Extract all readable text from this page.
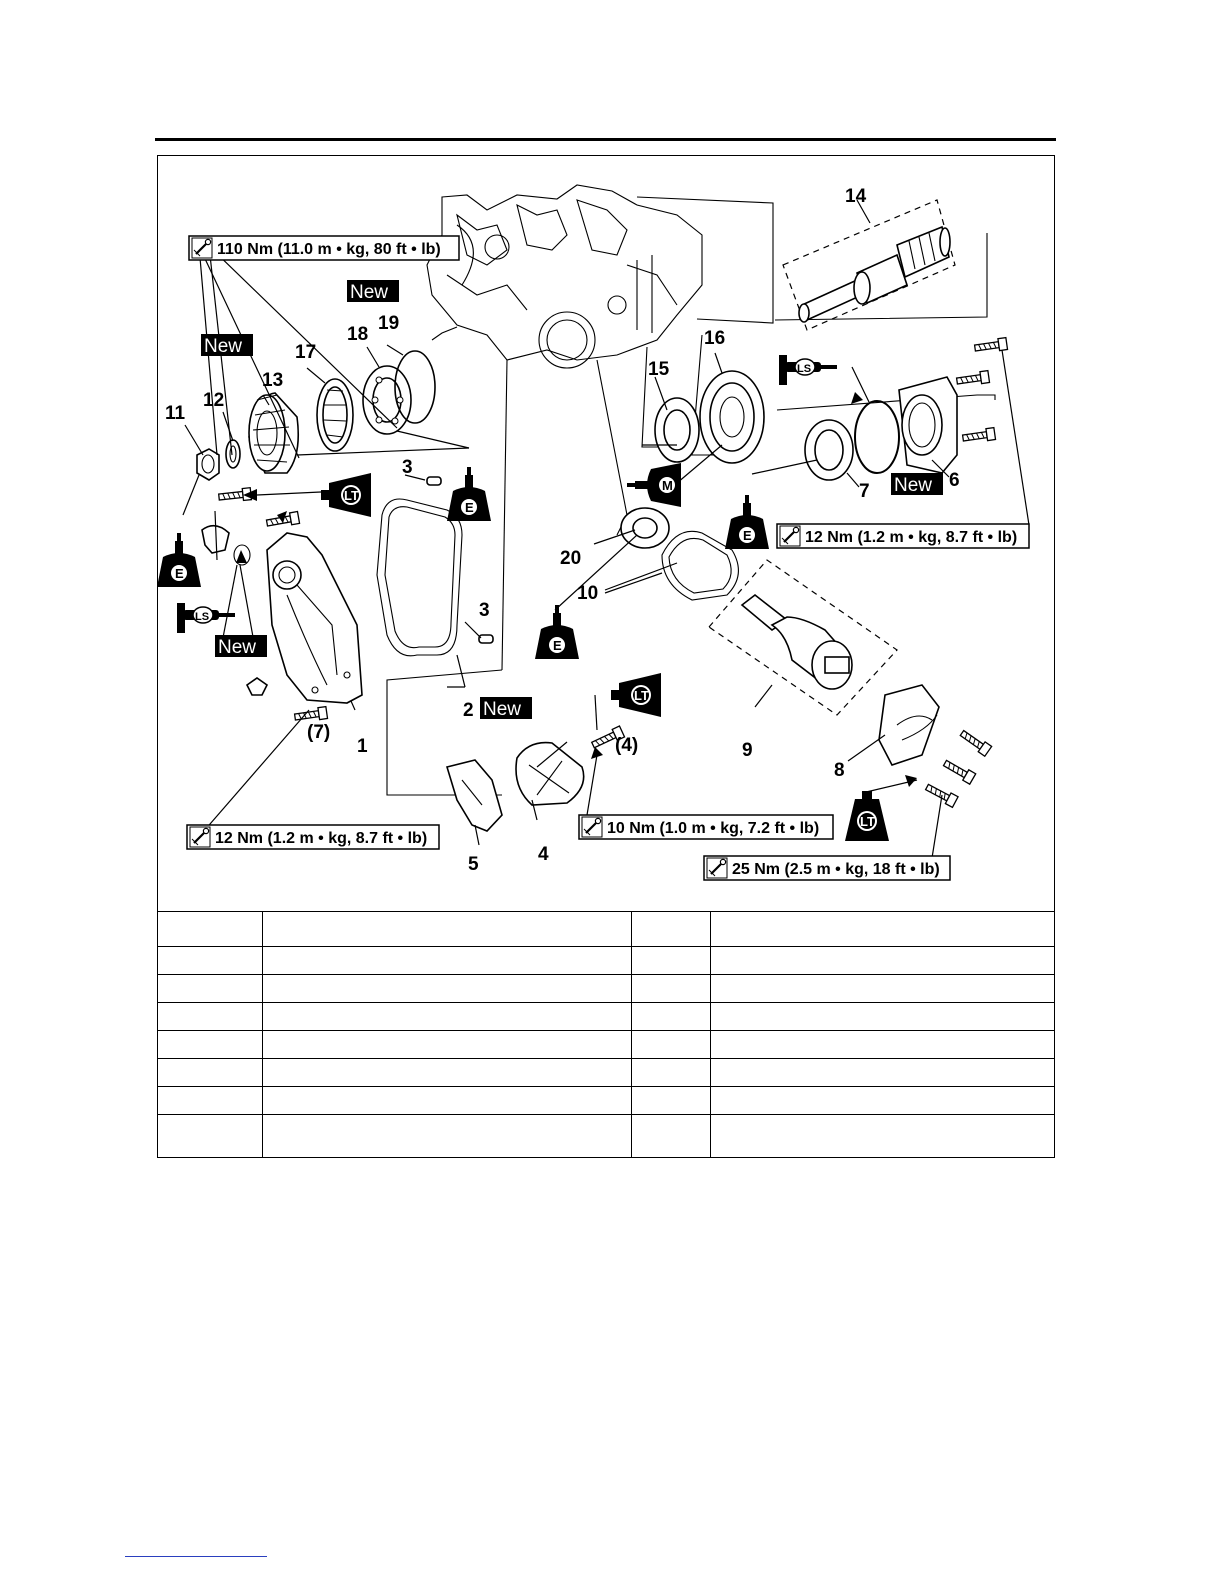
E
E
E
E
LT
LT
LT
M
LS
LS
New
New
New
New
New
110 Nm (11.0 m • kg, 80 ft • lb)
12 Nm (1.2 m • kg, 8.7 ft • lb)
12 Nm (1.2 m • kg, 8.7 ft • lb)
10 Nm (1.0 m • kg, 7.2 ft • lb)
25 Nm (2.5 m • kg, 18 ft • lb)
1
2
3
3
4
(4)
5
6
7
(7)
8
9
10
11
12
13
14
15
16
17
18
19
20
